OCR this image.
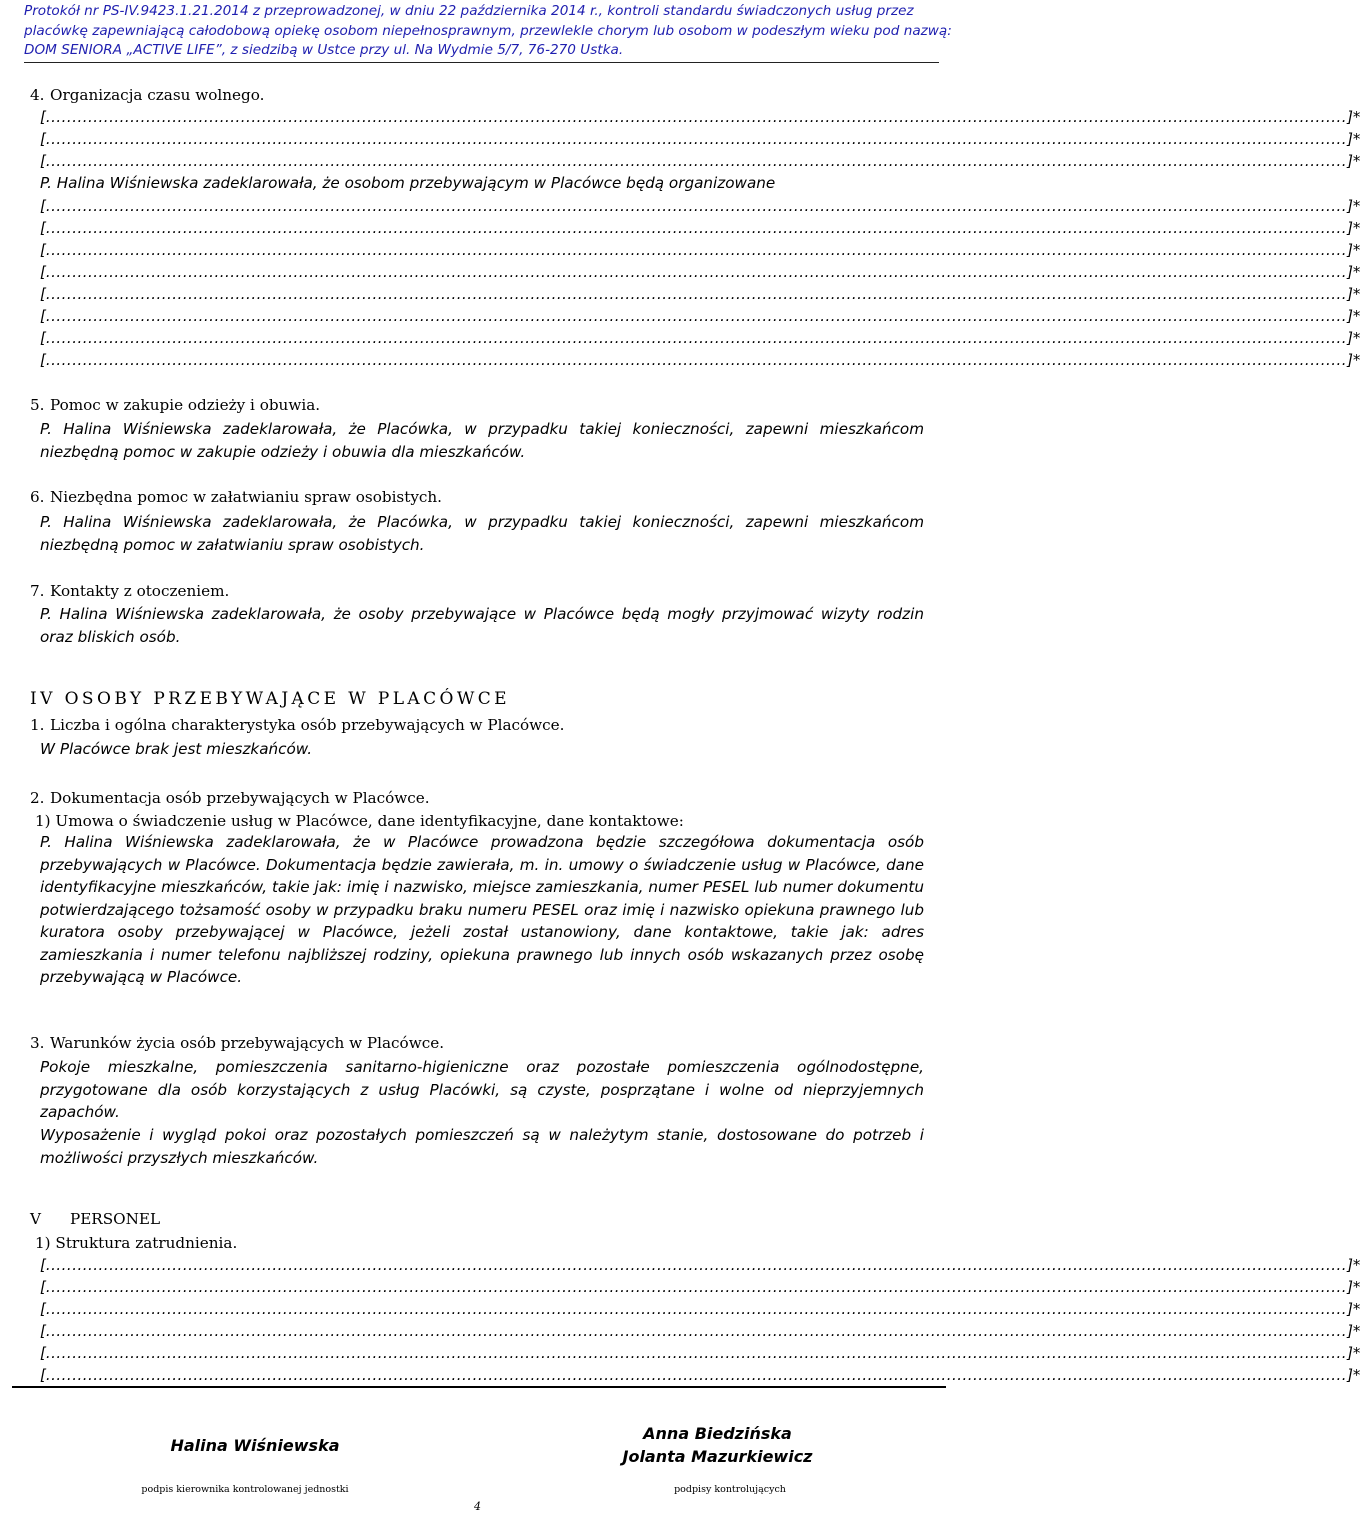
Protokół nr PS-IV.9423.1.21.2014 z przeprowadzonej, w dniu 22 października 2014 r., kontroli standardu świadczonych usług przez
placówkę zapewniającą całodobową opiekę osobom niepełnosprawnym, przewlekle chorym lub osobom w podeszłym wieku pod nazwą:
DOM SENIORA „ACTIVE LIFE”, z siedzibą w Ustce przy ul. Na Wydmie 5/7, 76-270 Ustka.
4. Organizacja czasu wolnego.
[ ....................................................................................................................................................................................................................................................... ]*
[ ....................................................................................................................................................................................................................................................... ]*
[ ....................................................................................................................................................................................................................................................... ]*
P. Halina Wiśniewska zadeklarowała, że osobom przebywającym w Placówce będą organizowane
[ ....................................................................................................................................................................................................................................................... ]*
[ ....................................................................................................................................................................................................................................................... ]*
[ ....................................................................................................................................................................................................................................................... ]*
[ ....................................................................................................................................................................................................................................................... ]*
[ ....................................................................................................................................................................................................................................................... ]*
[ ....................................................................................................................................................................................................................................................... ]*
[ ....................................................................................................................................................................................................................................................... ]*
[ ....................................................................................................................................................................................................................................................... ]*
5. Pomoc w zakupie odzieży i obuwia.
P. Halina Wiśniewska zadeklarowała, że Placówka, w przypadku takiej konieczności, zapewni mieszkańcom niezbędną pomoc w zakupie odzieży i obuwia dla mieszkańców.
6. Niezbędna pomoc w załatwianiu spraw osobistych.
P. Halina Wiśniewska zadeklarowała, że Placówka, w przypadku takiej konieczności, zapewni mieszkańcom niezbędną pomoc w załatwianiu spraw osobistych.
7. Kontakty z otoczeniem.
P. Halina Wiśniewska zadeklarowała, że osoby przebywające w Placówce będą mogły przyjmować wizyty rodzin oraz bliskich osób.
IV OSOBY PRZEBYWAJĄCE W PLACÓWCE
1. Liczba i ogólna charakterystyka osób przebywających w Placówce.
W Placówce brak jest mieszkańców.
2. Dokumentacja osób przebywających w Placówce.
1) Umowa o świadczenie usług w Placówce, dane identyfikacyjne, dane kontaktowe:
P. Halina Wiśniewska zadeklarowała, że w Placówce prowadzona będzie szczegółowa dokumentacja osób przebywających w Placówce. Dokumentacja będzie zawierała, m. in. umowy o świadczenie usług w Placówce, dane identyfikacyjne mieszkańców, takie jak: imię i nazwisko, miejsce zamieszkania, numer PESEL lub numer dokumentu potwierdzającego tożsamość osoby w przypadku braku numeru PESEL oraz imię i nazwisko opiekuna prawnego lub kuratora osoby przebywającej w Placówce, jeżeli został ustanowiony, dane kontaktowe, takie jak: adres zamieszkania i numer telefonu najbliższej rodziny, opiekuna prawnego lub innych osób wskazanych przez osobę przebywającą w Placówce.
3. Warunków życia osób przebywających w Placówce.
Pokoje mieszkalne, pomieszczenia sanitarno-higieniczne oraz pozostałe pomieszczenia ogólnodostępne, przygotowane dla osób korzystających z usług Placówki, są czyste, posprzątane i wolne od nieprzyjemnych zapachów.
Wyposażenie i wygląd pokoi oraz pozostałych pomieszczeń są w należytym stanie, dostosowane do potrzeb i możliwości przyszłych mieszkańców.
V PERSONEL
1) Struktura zatrudnienia.
[ ....................................................................................................................................................................................................................................................... ]*
[ ....................................................................................................................................................................................................................................................... ]*
[ ....................................................................................................................................................................................................................................................... ]*
[ ....................................................................................................................................................................................................................................................... ]*
[ ....................................................................................................................................................................................................................................................... ]*
[ ....................................................................................................................................................................................................................................................... ]*
Halina Wiśniewska
podpis kierownika kontrolowanej jednostki
Anna Biedzińska
Jolanta Mazurkiewicz
podpisy kontrolujących
4
